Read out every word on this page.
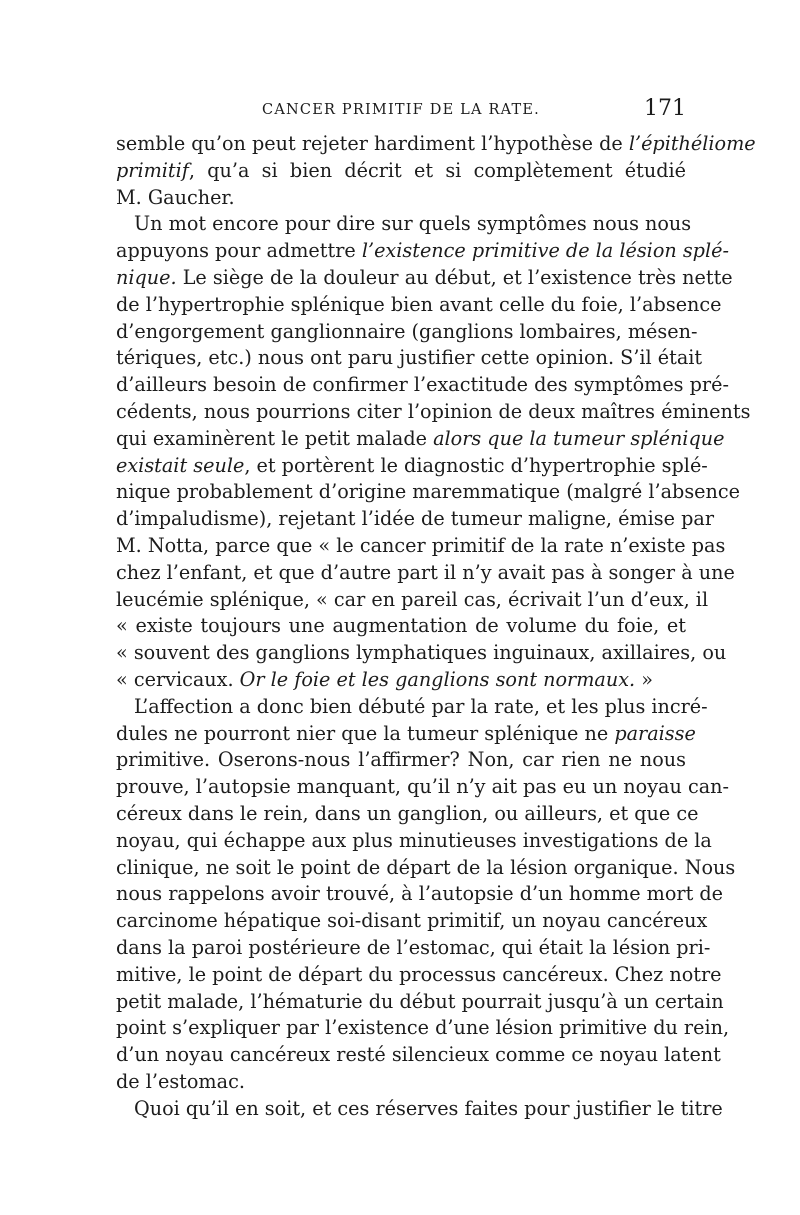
CANCER PRIMITIF DE LA RATE.	171
semble qu’on peut rejeter hardiment l’hypothèse de l’épithéliome
primitif, qu’a si bien décrit et si complètement étudié
M. Gaucher.
Un mot encore pour dire sur quels symptômes nous nous
appuyons pour admettre l’existence primitive de la lésion splé-
nique. Le siège de la douleur au début, et l’existence très nette
de l’hypertrophie splénique bien avant celle du foie, l’absence
d’engorgement ganglionnaire (ganglions lombaires, mésen-
tériques, etc.) nous ont paru justifier cette opinion. S’il était
d’ailleurs besoin de confirmer l’exactitude des symptômes pré-
cédents, nous pourrions citer l’opinion de deux maîtres éminents
qui examinèrent le petit malade alors que la tumeur splénique
existait seule, et portèrent le diagnostic d’hypertrophie splé-
nique probablement d’origine maremmatique (malgré l’absence
d’impaludisme), rejetant l’idée de tumeur maligne, émise par
M. Notta, parce que « le cancer primitif de la rate n’existe pas
chez l’enfant, et que d’autre part il n’y avait pas à songer à une
leucémie splénique, « car en pareil cas, écrivait l’un d’eux, il
« existe toujours une augmentation de volume du foie, et
« souvent des ganglions lymphatiques inguinaux, axillaires, ou
« cervicaux. Or le foie et les ganglions sont normaux. »
L’affection a donc bien débuté par la rate, et les plus incré-
dules ne pourront nier que la tumeur splénique ne paraisse
primitive. Oserons-nous l’affirmer? Non, car rien ne nous
prouve, l’autopsie manquant, qu’il n’y ait pas eu un noyau can-
céreux dans le rein, dans un ganglion, ou ailleurs, et que ce
noyau, qui échappe aux plus minutieuses investigations de la
clinique, ne soit le point de départ de la lésion organique. Nous
nous rappelons avoir trouvé, à l’autopsie d’un homme mort de
carcinome hépatique soi-disant primitif, un noyau cancéreux
dans la paroi postérieure de l’estomac, qui était la lésion pri-
mitive, le point de départ du processus cancéreux. Chez notre
petit malade, l’hématurie du début pourrait jusqu’à un certain
point s’expliquer par l’existence d’une lésion primitive du rein,
d’un noyau cancéreux resté silencieux comme ce noyau latent
de l’estomac.
Quoi qu’il en soit, et ces réserves faites pour justifier le titre
